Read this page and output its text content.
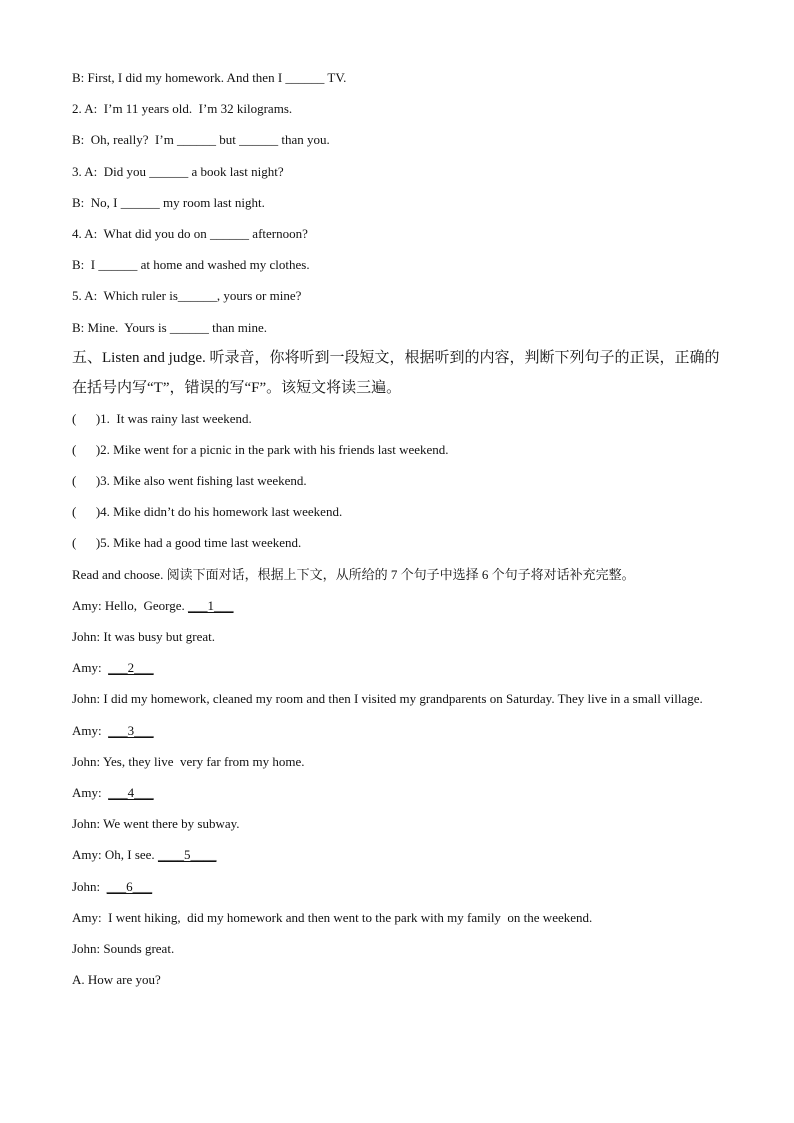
B: First, I did my homework. And then I ______ TV.
2. A:  I’m 11 years old.  I’m 32 kilograms.
B:  Oh, really?  I’m ______ but ______ than you.
3. A:  Did you ______ a book last night?
B:  No, I ______ my room last night.
4. A:  What did you do on ______ afternoon?
B:  I ______ at home and washed my clothes.
5. A:  Which ruler is______, yours or mine?
B: Mine.  Yours is ______ than mine.
五、Listen and judge. 听录音，你将听到一段短文，根据听到的内容，判断下列句子的正误，正确的在括号内写“T”，错误的写“F”。该短文将读三遍。
(      )1.  It was rainy last weekend.
(      )2. Mike went for a picnic in the park with his friends last weekend.
(      )3. Mike also went fishing last weekend.
(      )4. Mike didn’t do his homework last weekend.
(      )5. Mike had a good time last weekend.
Read and choose. 阅读下面对话，根据上下文，从所给的 7 个句子中选择 6 个句子将对话补充完整。
Amy: Hello,  George. ___1___
John: It was busy but great.
Amy:  ___2___
John: I did my homework, cleaned my room and then I visited my grandparents on Saturday. They live in a small village.
Amy:  ___3___
John: Yes, they live  very far from my home.
Amy:  ___4___
John: We went there by subway.
Amy: Oh, I see. ____5____
John:  ___6___
Amy:  I went hiking,  did my homework and then went to the park with my family  on the weekend.
John: Sounds great.
A. How are you?
